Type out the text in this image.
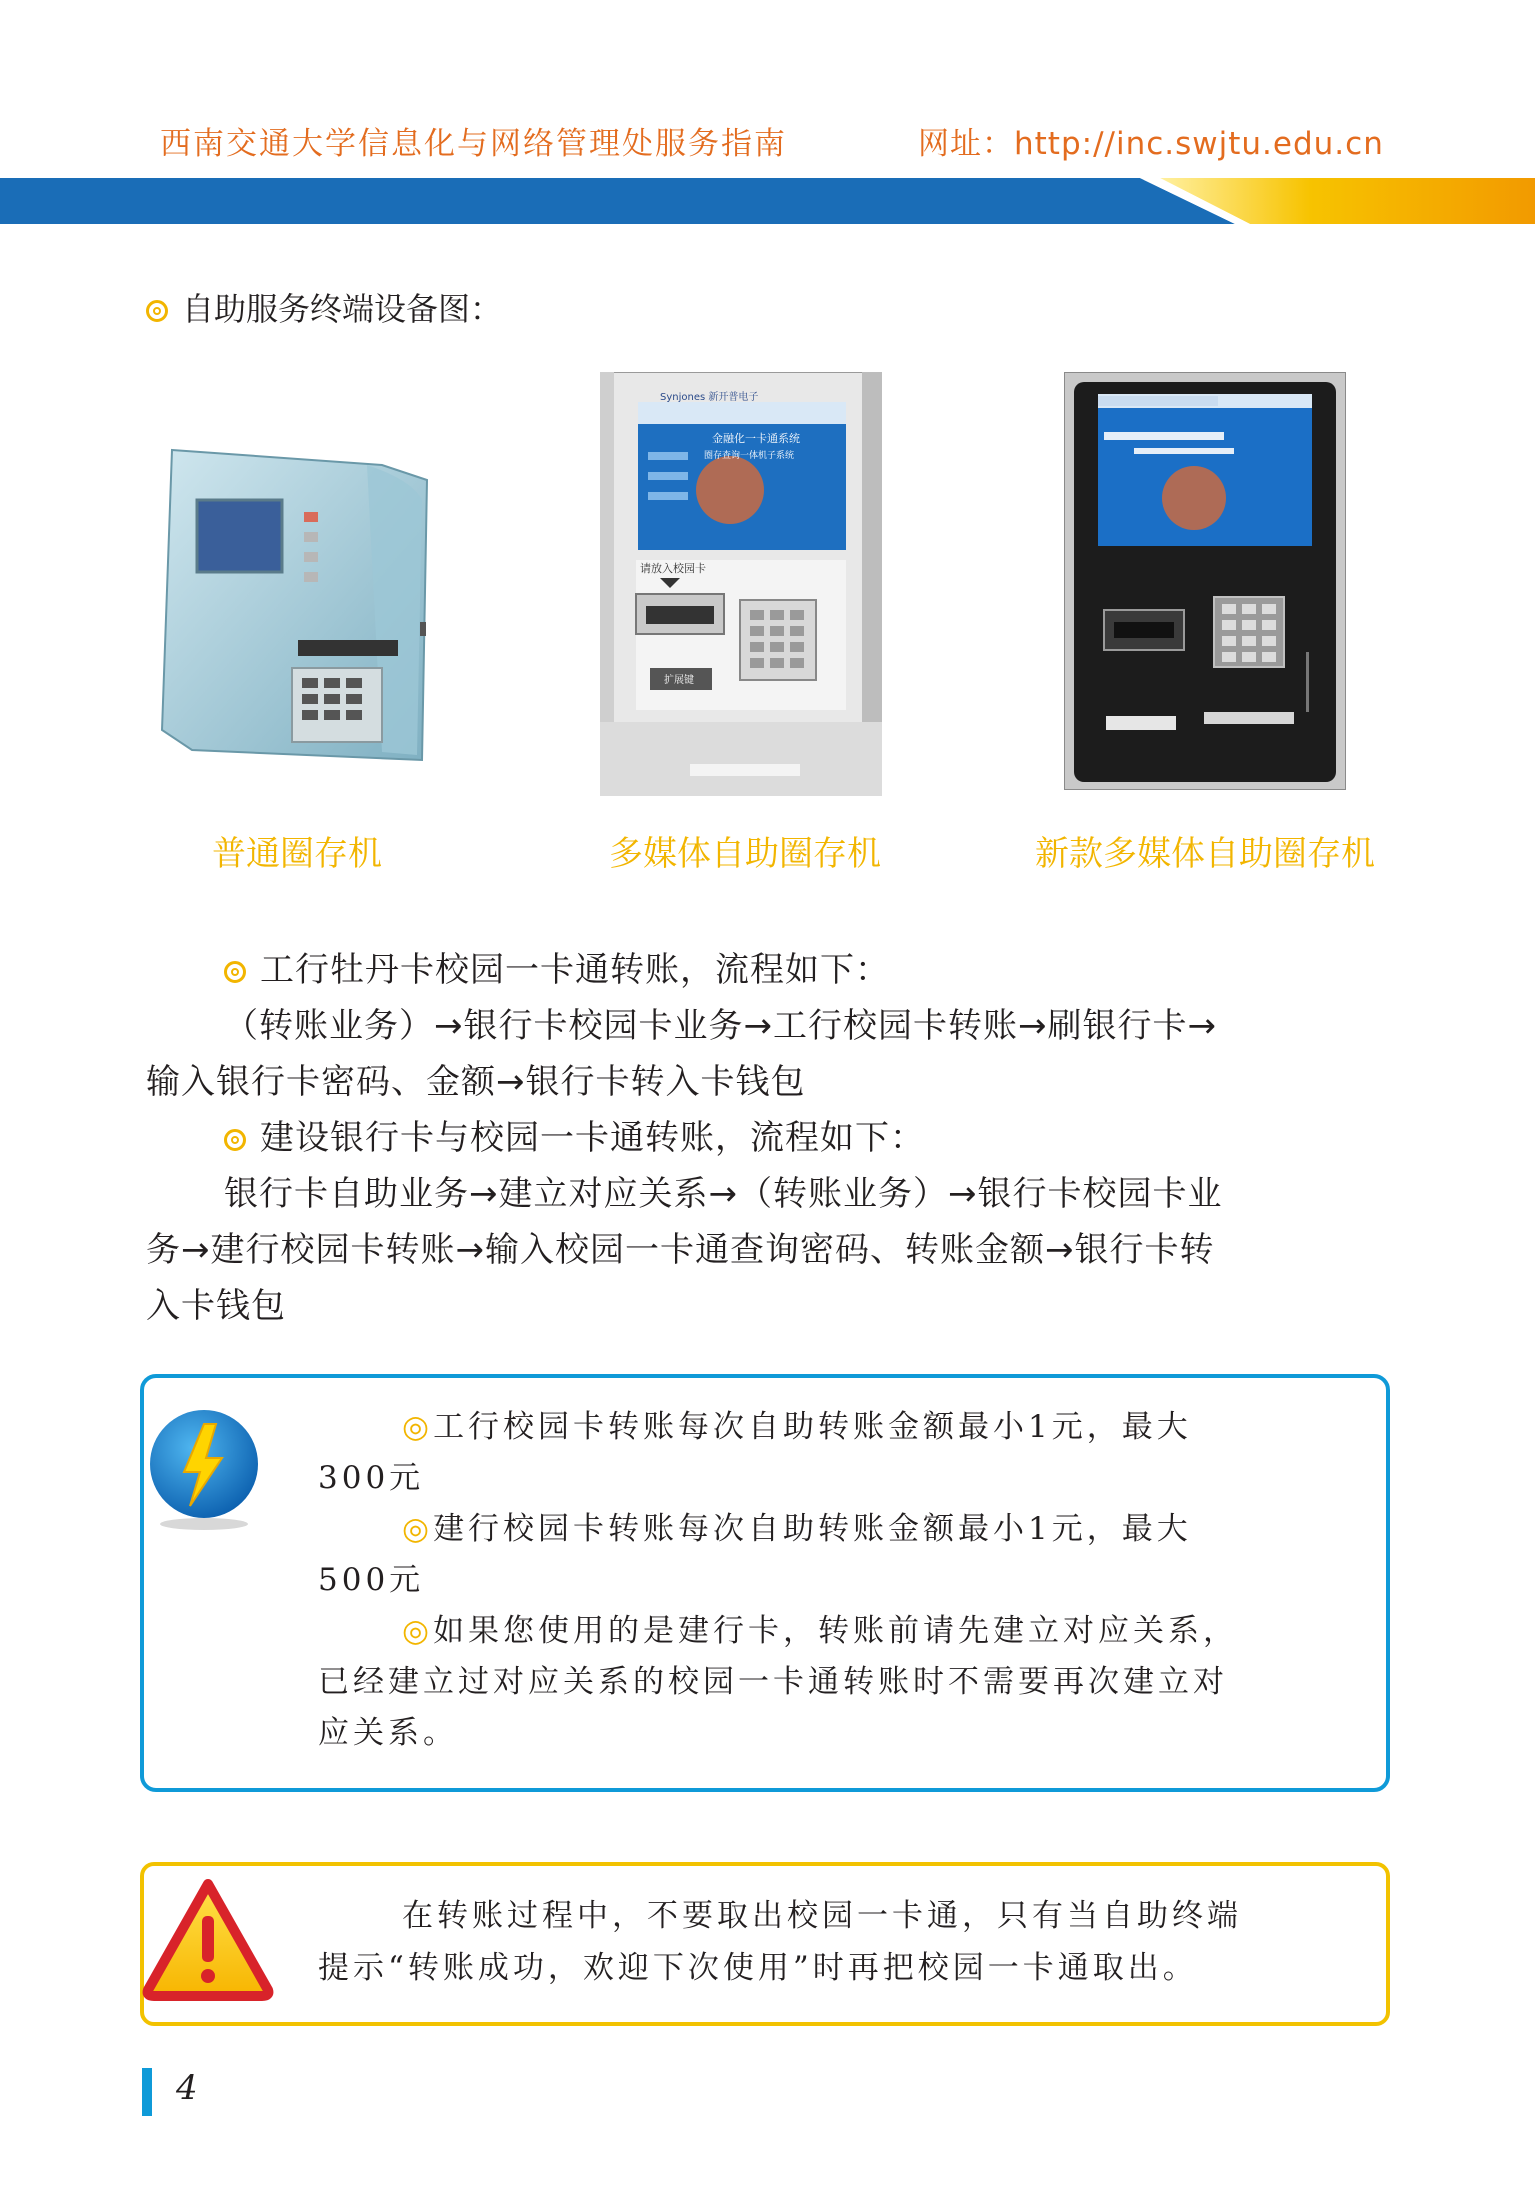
西南交通大学信息化与网络管理处服务指南	网址：http://inc.swjtu.edu.cn
自助服务终端设备图：
Synjones 新开普电子
金融化一卡通系统
圈存查询一体机子系统
请放入校园卡
扩展键
普通圈存机	多媒体自助圈存机	新款多媒体自助圈存机

工行牡丹卡校园一卡通转账，流程如下：

（转账业务）→银行卡校园卡业务→工行校园卡转账→刷银行卡→

输入银行卡密码、金额→银行卡转入卡钱包

建设银行卡与校园一卡通转账，流程如下：

银行卡自助业务→建立对应关系→（转账业务）→银行卡校园卡业

务→建行校园卡转账→输入校园一卡通查询密码、转账金额→银行卡转

入卡钱包

◎工行校园卡转账每次自助转账金额最小1元，最大

300元

◎建行校园卡转账每次自助转账金额最小1元，最大

500元

◎如果您使用的是建行卡，转账前请先建立对应关系，

已经建立过对应关系的校园一卡通转账时不需要再次建立对

应关系。

在转账过程中，不要取出校园一卡通，只有当自助终端

提示“转账成功，欢迎下次使用”时再把校园一卡通取出。

4
